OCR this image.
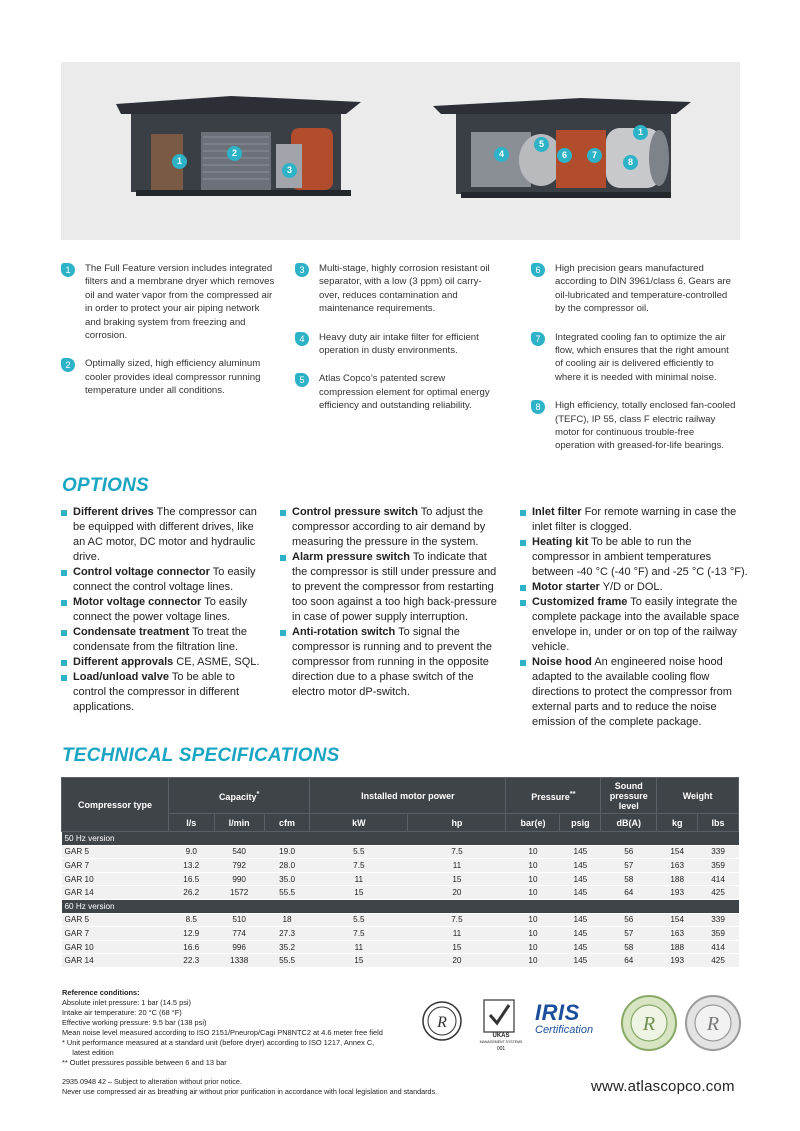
1
2
3
1
4
5
6	7
8
1	The Full Feature version includes integrated filters and a membrane dryer which removes oil and water vapor from the compressed air in order to protect your air piping network and braking system from freezing and corrosion.
2	Optimally sized, high efficiency aluminum cooler provides ideal compressor running temperature under all conditions.
3	Multi-stage, highly corrosion resistant oil separator, with a low (3 ppm) oil carry-over, reduces contamination and maintenance requirements.
4	Heavy duty air intake filter for efficient operation in dusty environments.
5	Atlas Copco’s patented screw compression element for optimal energy efficiency and outstanding reliability.
6	High precision gears manufactured according to DIN 3961/class 6. Gears are oil-lubricated and temperature-controlled by the compressor oil.
7	Integrated cooling fan to optimize the air flow, which ensures that the right amount of cooling air is delivered efficiently to where it is needed with minimal noise.
8	High efficiency, totally enclosed fan-cooled (TEFC), IP 55, class F electric railway motor for continuous trouble-free operation with greased-for-life bearings.
OPTIONS
Different drives The compressor can be equipped with different drives, like an AC motor, DC motor and hydraulic drive.
Control voltage connector To easily connect the control voltage lines.
Motor voltage connector To easily connect the power voltage lines.
Condensate treatment To treat the condensate from the filtration line.
Different approvals CE, ASME, SQL.
Load/unload valve To be able to control the compressor in different applications.
Control pressure switch To adjust the compressor according to air demand by measuring the pressure in the system.
Alarm pressure switch To indicate that the compressor is still under pressure and to prevent the compressor from restarting too soon against a too high back-pressure in case of power supply interruption.
Anti-rotation switch To signal the compressor is running and to prevent the compressor from running in the opposite direction due to a phase switch of the electro motor dP-switch.
Inlet filter For remote warning in case the inlet filter is clogged.
Heating kit To be able to run the compressor in ambient temperatures between -40 °C (-40 °F) and -25 °C (-13 °F).
Motor starter Y/D or DOL.
Customized frame To easily integrate the complete package into the available space envelope in, under or on top of the railway vehicle.
Noise hood An engineered noise hood adapted to the available cooling flow directions to protect the compressor from external parts and to reduce the noise emission of the complete package.
TECHNICAL SPECIFICATIONS
Compressor type	Capacity*			Installed motor power		Pressure**		Sound pressure level	Weight	
	l/s	l/min	cfm	kW	hp	bar(e)	psig	dB(A)	kg	lbs
50 Hz version										
GAR 5	9.0	540	19.0	5.5	7.5	10	145	56	154	339
GAR 7	13.2	792	28.0	7.5	11	10	145	57	163	359
GAR 10	16.5	990	35.0	11	15	10	145	58	188	414
GAR 14	26.2	1572	55.5	15	20	10	145	64	193	425
60 Hz version										
GAR 5	8.5	510	18	5.5	7.5	10	145	56	154	339
GAR 7	12.9	774	27.3	7.5	11	10	145	57	163	359
GAR 10	16.6	996	35.2	11	15	10	145	58	188	414
GAR 14	22.3	1338	55.5	15	20	10	145	64	193	425
Reference conditions:
Absolute inlet pressure: 1 bar (14.5 psi)
Intake air temperature: 20 °C (68 °F)
Effective working pressure: 9.5 bar (138 psi)
Mean noise level measured according to ISO 2151/Pneurop/Cagi PN8NTC2 at 4.6 meter free field
* Unit performance measured at a standard unit (before dryer) according to ISO 1217, Annex C,
latest edition
** Outlet pressures possible between 6 and 13 bar
R
UKAS
MANAGEMENT SYSTEMS
001
IRIS
Certification	R	R
2935 0948 42 – Subject to alteration without prior notice.
Never use compressed air as breathing air without prior purification in accordance with local legislation and standards.	www.atlascopco.com
